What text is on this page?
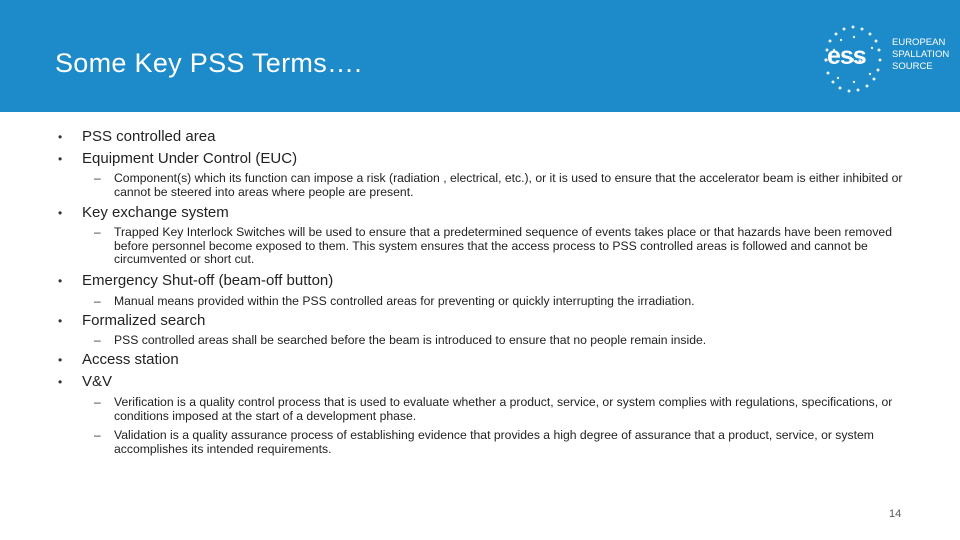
Some Key PSS Terms….	ess	EUROPEAN
SPALLATION
SOURCE
• PSS controlled area
• Equipment Under Control (EUC)
– Component(s) which its function can impose a risk (radiation , electrical, etc.), or it is used to ensure that the accelerator beam is either inhibited or cannot be steered into areas where people are present.
• Key exchange system
– Trapped Key Interlock Switches will be used to ensure that a predetermined sequence of events takes place or that hazards have been removed before personnel become exposed to them. This system ensures that the access process to PSS controlled areas is followed and cannot be circumvented or short cut.
• Emergency Shut-off (beam-off button)
– Manual means provided within the PSS controlled areas for preventing or quickly interrupting the irradiation.
• Formalized search
– PSS controlled areas shall be searched before the beam is introduced to ensure that no people remain inside.
• Access station
• V&V
– Verification is a quality control process that is used to evaluate whether a product, service, or system complies with regulations, specifications, or conditions imposed at the start of a development phase.
– Validation is a quality assurance process of establishing evidence that provides a high degree of assurance that a product, service, or system accomplishes its intended requirements.
14
